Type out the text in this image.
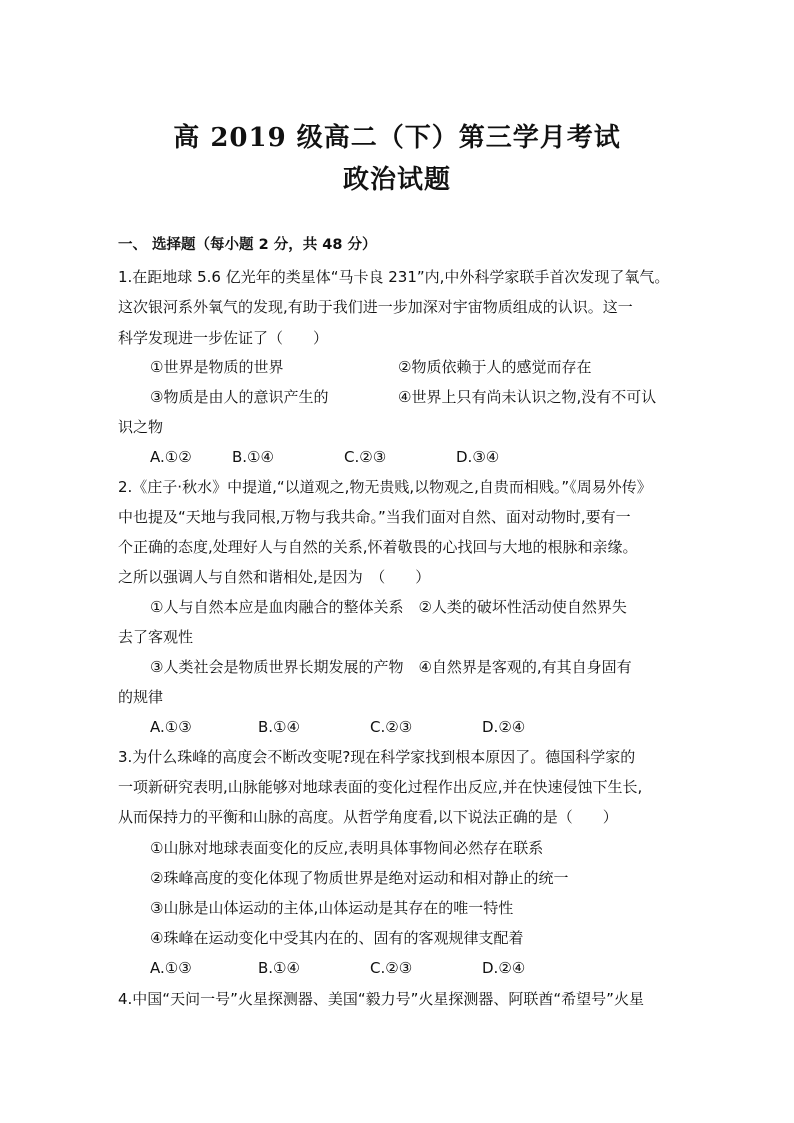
高 2019 级高二（下）第三学月考试
政治试题
一、 选择题（每小题 2 分，共 48 分）
1.在距地球 5.6 亿光年的类星体“马卡良 231”内,中外科学家联手首次发现了氧气。
这次银河系外氧气的发现,有助于我们进一步加深对宇宙物质组成的认识。这一
科学发现进一步佐证了（　　）
①世界是物质的世界	②物质依赖于人的感觉而存在
③物质是由人的意识产生的	④世界上只有尚未认识之物,没有不可认
识之物
A.①②	B.①④	C.②③	D.③④
2.《庄子·秋水》中提道,“以道观之,物无贵贱,以物观之,自贵而相贱。”《周易外传》
中也提及“天地与我同根,万物与我共命。”当我们面对自然、面对动物时,要有一
个正确的态度,处理好人与自然的关系,怀着敬畏的心找回与大地的根脉和亲缘。
之所以强调人与自然和谐相处,是因为　（　　）
①人与自然本应是血肉融合的整体关系　②人类的破坏性活动使自然界失
去了客观性
③人类社会是物质世界长期发展的产物　④自然界是客观的,有其自身固有
的规律
A.①③	B.①④	C.②③	D.②④
3.为什么珠峰的高度会不断改变呢?现在科学家找到根本原因了。德国科学家的
一项新研究表明,山脉能够对地球表面的变化过程作出反应,并在快速侵蚀下生长,
从而保持力的平衡和山脉的高度。从哲学角度看,以下说法正确的是（　　）
①山脉对地球表面变化的反应,表明具体事物间必然存在联系
②珠峰高度的变化体现了物质世界是绝对运动和相对静止的统一
③山脉是山体运动的主体,山体运动是其存在的唯一特性
④珠峰在运动变化中受其内在的、固有的客观规律支配着
A.①③	B.①④	C.②③	D.②④
4.中国“天问一号”火星探测器、美国“毅力号”火星探测器、阿联酋“希望号”火星
